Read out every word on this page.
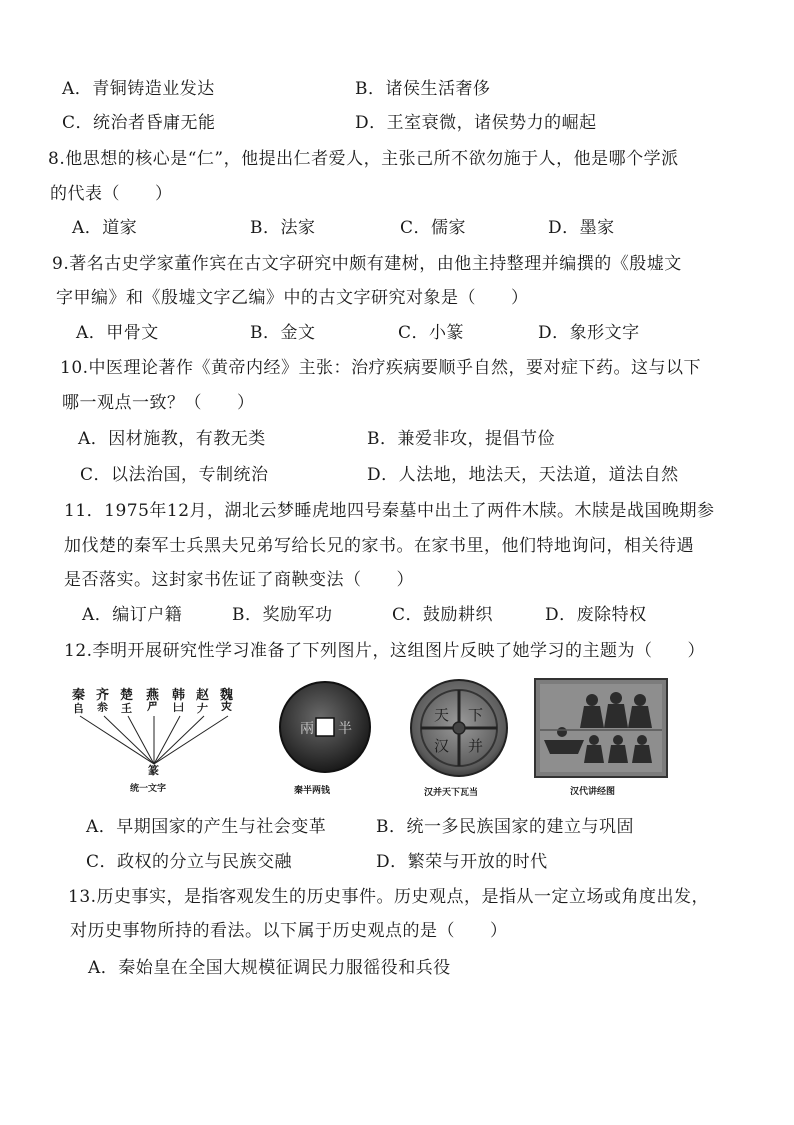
A．青铜铸造业发达	B．诸侯生活奢侈
C．统治者昏庸无能	D．王室衰微，诸侯势力的崛起
8.他思想的核心是“仁”，他提出仁者爱人，主张己所不欲勿施于人，他是哪个学派
的代表（　　）
A．道家	B．法家	C．儒家	D．墨家
9.著名古史学家董作宾在古文字研究中颇有建树，由他主持整理并编撰的《殷墟文
字甲编》和《殷墟文字乙编》中的古文字研究对象是（　　）
A．甲骨文	B．金文	C．小篆	D．象形文字
10.中医理论著作《黄帝内经》主张：治疗疾病要顺乎自然，要对症下药。这与以下
哪一观点一致？（　　）
A．因材施教，有教无类	B．兼爱非攻，提倡节俭
C．以法治国，专制统治	D．人法地，地法天，天法道，道法自然
11．1975年12月，湖北云梦睡虎地四号秦墓中出土了两件木牍。木牍是战国晚期参
加伐楚的秦军士兵黑夫兄弟写给长兄的家书。在家书里，他们特地询问，相关待遇
是否落实。这封家书佐证了商鞅变法（　　）
A．编订户籍	B．奖励军功	C．鼓励耕织	D．废除特权
12.李明开展研究性学习准备了下列图片，这组图片反映了她学习的主题为（　　）
秦 齐 楚 燕 韩 赵 魏
𠂤 𠫭 𡈼 𠃜 𠙵 𠂇 𡗜
篆
统一文字
兩 半
秦半两钱
天 下
并
汉
汉并天下瓦当	汉代讲经图
A．早期国家的产生与社会变革	B．统一多民族国家的建立与巩固
C．政权的分立与民族交融	D．繁荣与开放的时代
13.历史事实，是指客观发生的历史事件。历史观点，是指从一定立场或角度出发，
对历史事物所持的看法。以下属于历史观点的是（　　）
A．秦始皇在全国大规模征调民力服徭役和兵役
